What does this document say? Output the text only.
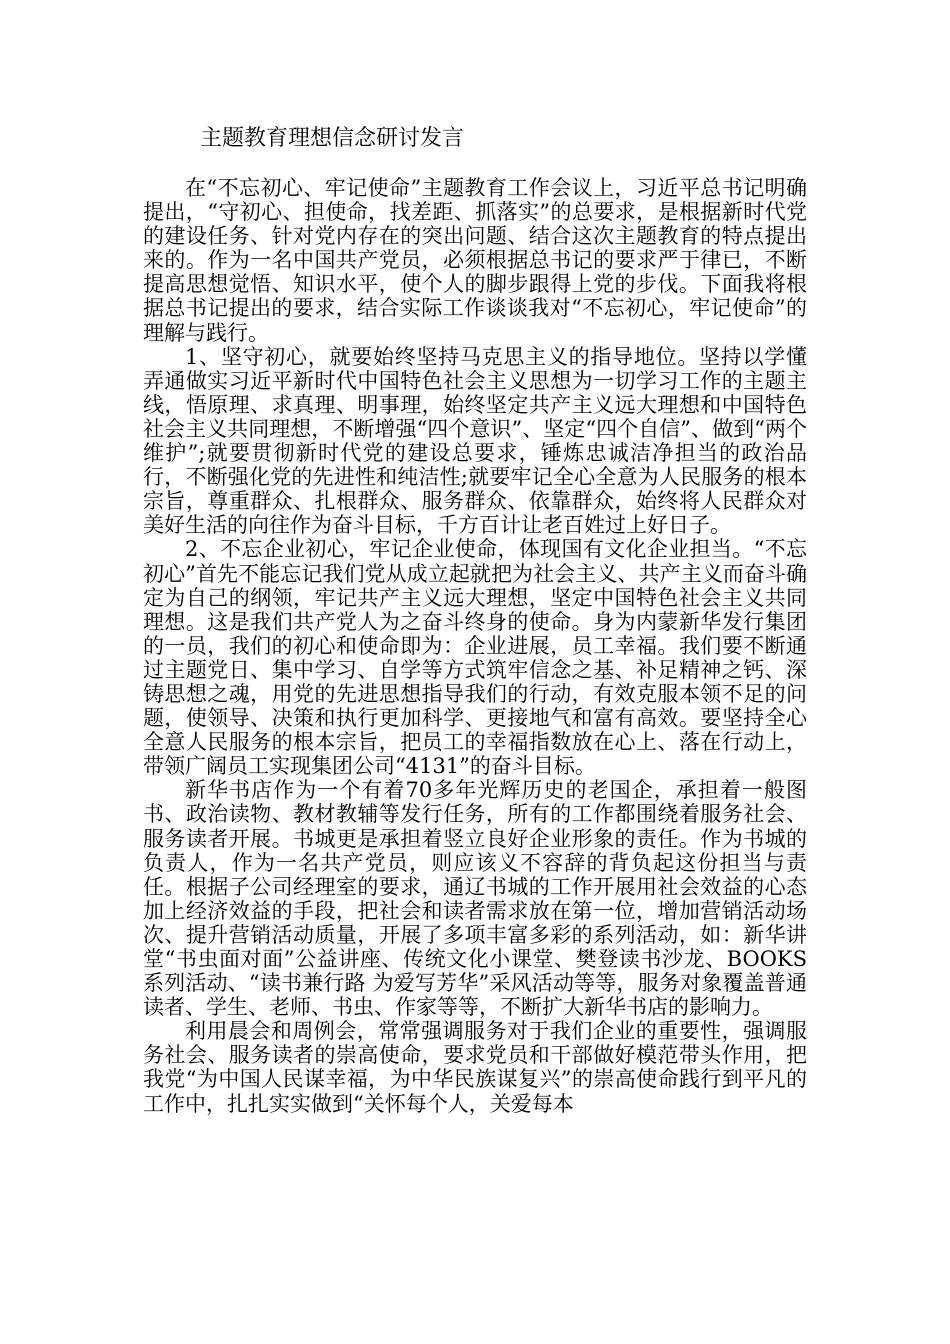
主题教育理想信念研讨发言

在“不忘初心、牢记使命”主题教育工作会议上，习近平总书记明确提出，“守初心、担使命，找差距、抓落实”的总要求，是根据新时代党的建设任务、针对党内存在的突出问题、结合这次主题教育的特点提出来的。作为一名中国共产党员，必须根据总书记的要求严于律已，不断提高思想觉悟、知识水平，使个人的脚步跟得上党的步伐。下面我将根据总书记提出的要求，结合实际工作谈谈我对“不忘初心，牢记使命”的理解与践行。

1、坚守初心，就要始终坚持马克思主义的指导地位。坚持以学懂弄通做实习近平新时代中国特色社会主义思想为一切学习工作的主题主线，悟原理、求真理、明事理，始终坚定共产主义远大理想和中国特色社会主义共同理想，不断增强“四个意识”、坚定“四个自信”、做到“两个维护”;就要贯彻新时代党的建设总要求，锤炼忠诚洁净担当的政治品行，不断强化党的先进性和纯洁性;就要牢记全心全意为人民服务的根本宗旨，尊重群众、扎根群众、服务群众、依靠群众，始终将人民群众对美好生活的向往作为奋斗目标，千方百计让老百姓过上好日子。

2、不忘企业初心，牢记企业使命，体现国有文化企业担当。“不忘初心”首先不能忘记我们党从成立起就把为社会主义、共产主义而奋斗确定为自己的纲领，牢记共产主义远大理想，坚定中国特色社会主义共同理想。这是我们共产党人为之奋斗终身的使命。身为内蒙新华发行集团的一员，我们的初心和使命即为：企业进展，员工幸福。我们要不断通过主题党日、集中学习、自学等方式筑牢信念之基、补足精神之钙、深铸思想之魂，用党的先进思想指导我们的行动，有效克服本领不足的问题，使领导、决策和执行更加科学、更接地气和富有高效。要坚持全心全意人民服务的根本宗旨，把员工的幸福指数放在心上、落在行动上，带领广阔员工实现集团公司“4131”的奋斗目标。

新华书店作为一个有着70多年光辉历史的老国企，承担着一般图书、政治读物、教材教辅等发行任务，所有的工作都围绕着服务社会、服务读者开展。书城更是承担着竖立良好企业形象的责任。作为书城的负责人，作为一名共产党员，则应该义不容辞的背负起这份担当与责任。根据子公司经理室的要求，通辽书城的工作开展用社会效益的心态加上经济效益的手段，把社会和读者需求放在第一位，增加营销活动场次、提升营销活动质量，开展了多项丰富多彩的系列活动，如：新华讲堂“书虫面对面”公益讲座、传统文化小课堂、樊登读书沙龙、BOOKS系列活动、“读书兼行路 为爱写芳华”采风活动等等，服务对象覆盖普通读者、学生、老师、书虫、作家等等，不断扩大新华书店的影响力。

利用晨会和周例会，常常强调服务对于我们企业的重要性，强调服务社会、服务读者的崇高使命，要求党员和干部做好模范带头作用，把我党“为中国人民谋幸福，为中华民族谋复兴”的崇高使命践行到平凡的工作中，扎扎实实做到“关怀每个人，关爱每本
